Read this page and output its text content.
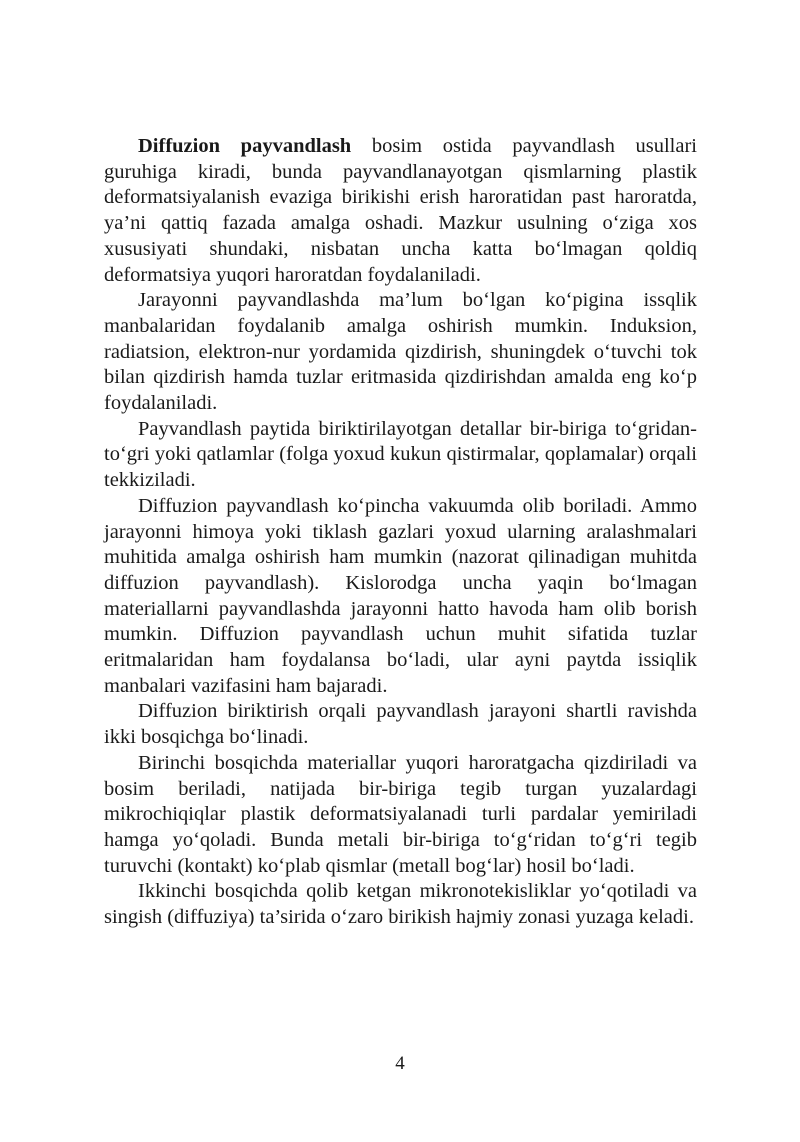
Diffuzion payvandlash bosim ostida payvandlash usullari guruhiga kiradi, bunda payvandlanayotgan qismlarning plastik deformatsiyalanish evaziga birikishi erish haroratidan past haroratda, ya’ni qattiq fazada amalga oshadi. Mazkur usulning o‘ziga xos xususiyati shundaki, nisbatan uncha katta bo‘lmagan qoldiq deformatsiya yuqori haroratdan foydalaniladi.

Jarayonni payvandlashda ma’lum bo‘lgan ko‘pigina issqlik manbalaridan foydalanib amalga oshirish mumkin. Induksion, radiatsion, elektron-nur yordamida qizdirish, shuningdek o‘tuvchi tok bilan qizdirish hamda tuzlar eritmasida qizdirishdan amalda eng ko‘p foydalaniladi.

Payvandlash paytida biriktirilayotgan detallar bir-biriga to‘gridan-to‘gri yoki qatlamlar (folga yoxud kukun qistirmalar, qoplamalar) orqali tekkiziladi.

Diffuzion payvandlash ko‘pincha vakuumda olib boriladi. Ammo jarayonni himoya yoki tiklash gazlari yoxud ularning aralashmalari muhitida amalga oshirish ham mumkin (nazorat qilinadigan muhitda diffuzion payvandlash). Kislorodga uncha yaqin bo‘lmagan materiallarni payvandlashda jarayonni hatto havoda ham olib borish mumkin. Diffuzion payvandlash uchun muhit sifatida tuzlar eritmalaridan ham foydalansa bo‘ladi, ular ayni paytda issiqlik manbalari vazifasini ham bajaradi.

Diffuzion biriktirish orqali payvandlash jarayoni shartli ravishda ikki bosqichga bo‘linadi.

Birinchi bosqichda materiallar yuqori haroratgacha qizdiriladi va bosim beriladi, natijada bir-biriga tegib turgan yuzalardagi mikrochiqiqlar plastik deformatsiyalanadi turli pardalar yemiriladi hamga yo‘qoladi. Bunda metali bir-biriga to‘g‘ridan to‘g‘ri tegib turuvchi (kontakt) ko‘plab qismlar (metall bog‘lar) hosil bo‘ladi.

Ikkinchi bosqichda qolib ketgan mikronotekisliklar yo‘qotiladi va singish (diffuziya) ta’sirida o‘zaro birikish hajmiy zonasi yuzaga keladi.

4
